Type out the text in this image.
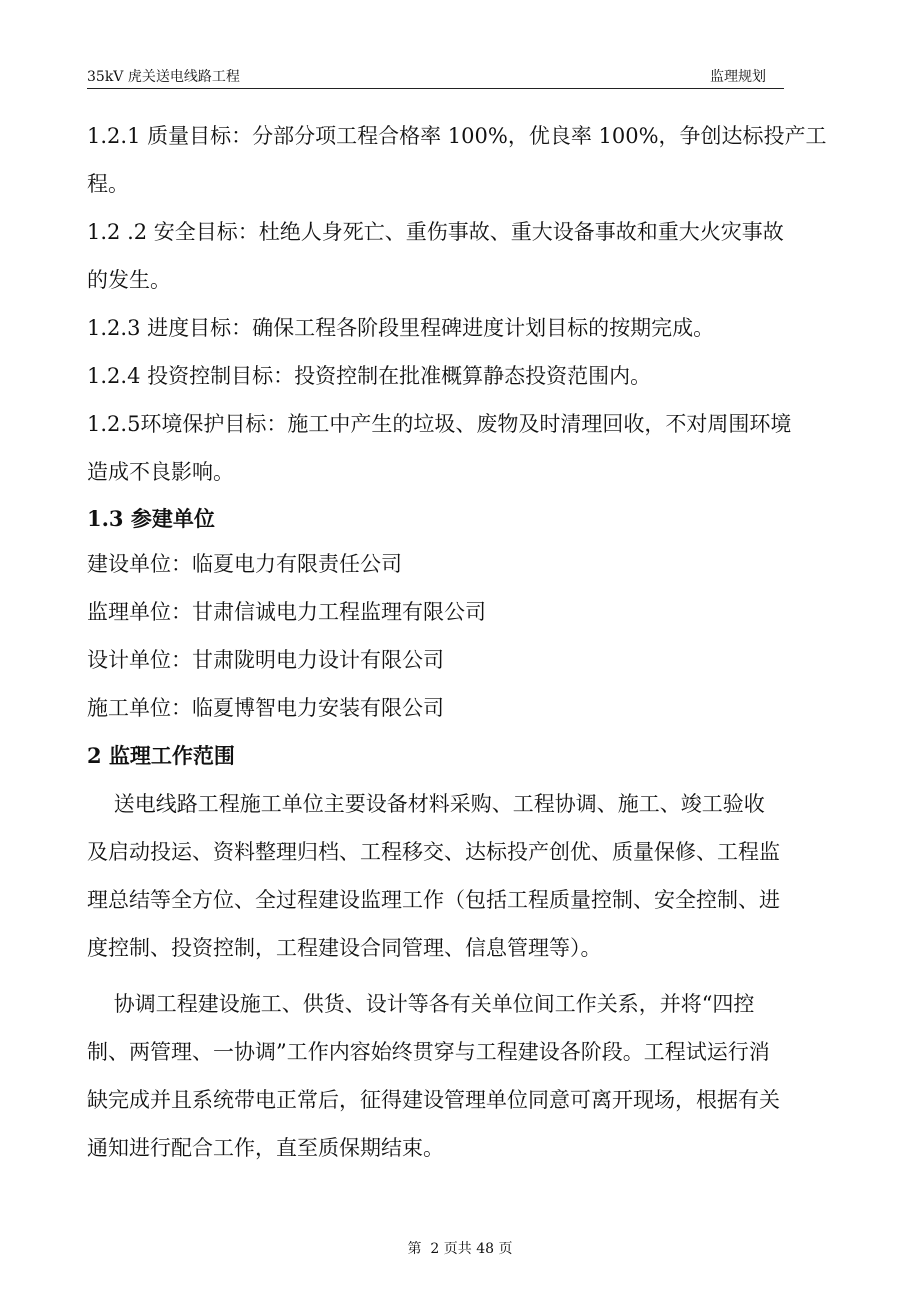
35kV 虎关送电线路工程	监理规划

1.2.1 质量目标：分部分项工程合格率 100%，优良率 100%，争创达标投产工

程。

1.2 .2 安全目标：杜绝人身死亡、重伤事故、重大设备事故和重大火灾事故

的发生。

1.2.3 进度目标：确保工程各阶段里程碑进度计划目标的按期完成。

1.2.4 投资控制目标：投资控制在批准概算静态投资范围内。

1.2.5环境保护目标：施工中产生的垃圾、废物及时清理回收，不对周围环境

造成不良影响。

1.3 参建单位

建设单位：临夏电力有限责任公司

监理单位：甘肃信诚电力工程监理有限公司

设计单位：甘肃陇明电力设计有限公司

施工单位：临夏博智电力安装有限公司

2 监理工作范围

送电线路工程施工单位主要设备材料采购、工程协调、施工、竣工验收

及启动投运、资料整理归档、工程移交、达标投产创优、质量保修、工程监

理总结等全方位、全过程建设监理工作（包括工程质量控制、安全控制、进

度控制、投资控制，工程建设合同管理、信息管理等）。

协调工程建设施工、供货、设计等各有关单位间工作关系，并将“四控

制、两管理、一协调”工作内容始终贯穿与工程建设各阶段。工程试运行消

缺完成并且系统带电正常后，征得建设管理单位同意可离开现场，根据有关

通知进行配合工作，直至质保期结束。

第  2 页共 48 页
